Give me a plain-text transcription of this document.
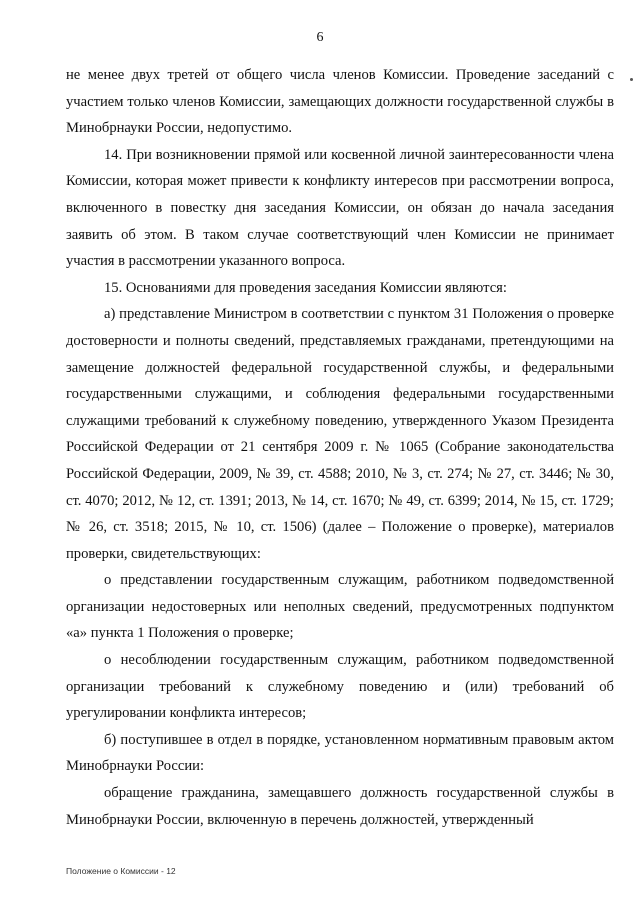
6

не менее двух третей от общего числа членов Комиссии. Проведение заседаний с участием только членов Комиссии, замещающих должности государственной службы в Минобрнауки России, недопустимо.

14. При возникновении прямой или косвенной личной заинтересованности члена Комиссии, которая может привести к конфликту интересов при рассмотрении вопроса, включенного в повестку дня заседания Комиссии, он обязан до начала заседания заявить об этом. В таком случае соответствующий член Комиссии не принимает участия в рассмотрении указанного вопроса.

15. Основаниями для проведения заседания Комиссии являются:

а) представление Министром в соответствии с пунктом 31 Положения о проверке достоверности и полноты сведений, представляемых гражданами, претендующими на замещение должностей федеральной государственной службы, и федеральными государственными служащими, и соблюдения федеральными государственными служащими требований к служебному поведению, утвержденного Указом Президента Российской Федерации от 21 сентября 2009 г. № 1065 (Собрание законодательства Российской Федерации, 2009, № 39, ст. 4588; 2010, № 3, ст. 274; № 27, ст. 3446; № 30, ст. 4070; 2012, № 12, ст. 1391; 2013, № 14, ст. 1670; № 49, ст. 6399; 2014, № 15, ст. 1729; № 26, ст. 3518; 2015, № 10, ст. 1506) (далее – Положение о проверке), материалов проверки, свидетельствующих:

о представлении государственным служащим, работником подведомственной организации недостоверных или неполных сведений, предусмотренных подпунктом «а» пункта 1 Положения о проверке;

о несоблюдении государственным служащим, работником подведомственной организации требований к служебному поведению и (или) требований об урегулировании конфликта интересов;

б) поступившее в отдел в порядке, установленном нормативным правовым актом Минобрнауки России:

обращение гражданина, замещавшего должность государственной службы в Минобрнауки России, включенную в перечень должностей, утвержденный

Положение о Комиссии - 12
